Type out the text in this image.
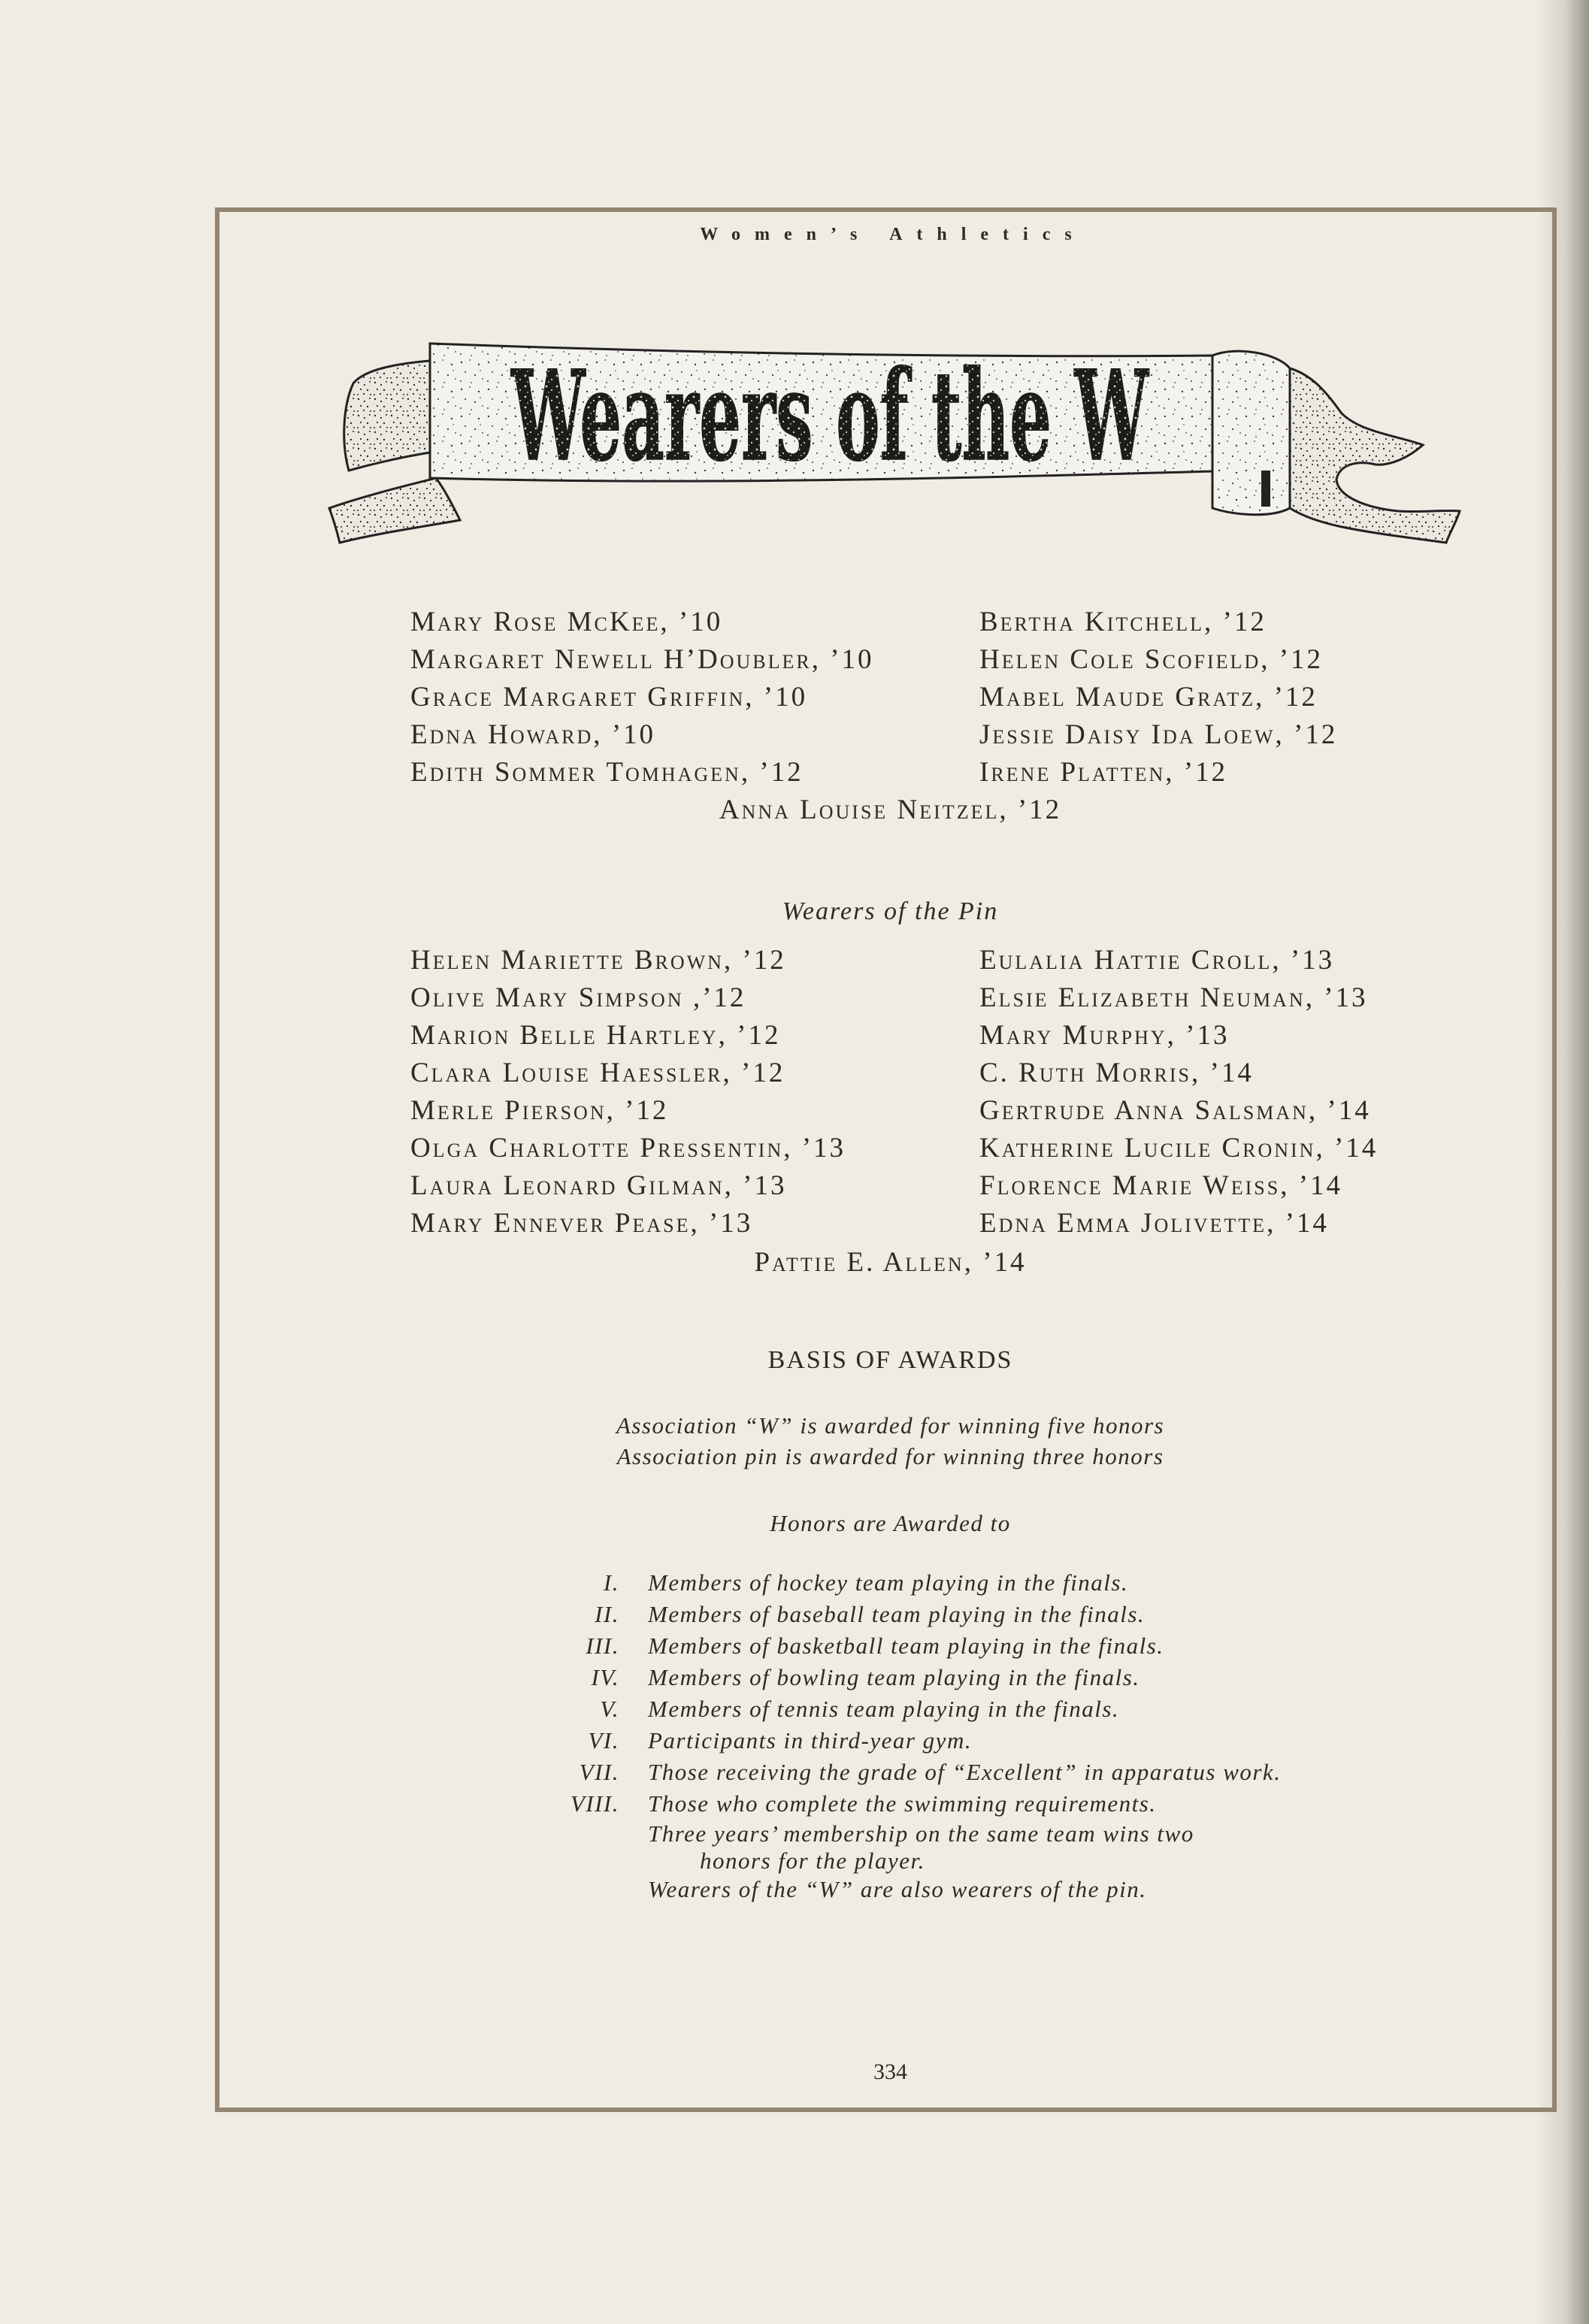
Women’s Athletics
Wearers of the W
Mary Rose McKee, ’10
Margaret Newell H’Doubler, ’10
Grace Margaret Griffin, ’10
Edna Howard, ’10
Edith Sommer Tomhagen, ’12
Bertha Kitchell, ’12
Helen Cole Scofield, ’12
Mabel Maude Gratz, ’12
Jessie Daisy Ida Loew, ’12
Irene Platten, ’12
Anna Louise Neitzel, ’12
Wearers of the Pin
Helen Mariette Brown, ’12
Olive Mary Simpson ,’12
Marion Belle Hartley, ’12
Clara Louise Haessler, ’12
Merle Pierson, ’12
Olga Charlotte Pressentin, ’13
Laura Leonard Gilman, ’13
Mary Ennever Pease, ’13
Eulalia Hattie Croll, ’13
Elsie Elizabeth Neuman, ’13
Mary Murphy, ’13
C. Ruth Morris, ’14
Gertrude Anna Salsman, ’14
Katherine Lucile Cronin, ’14
Florence Marie Weiss, ’14
Edna Emma Jolivette, ’14
Pattie E. Allen, ’14
BASIS OF AWARDS
Association “W” is awarded for winning five honors
Association pin is awarded for winning three honors
Honors are Awarded to
I. Members of hockey team playing in the finals.
II. Members of baseball team playing in the finals.
III. Members of basketball team playing in the finals.
IV. Members of bowling team playing in the finals.
V. Members of tennis team playing in the finals.
VI. Participants in third-year gym.
VII. Those receiving the grade of “Excellent” in apparatus work.
VIII. Those who complete the swimming requirements.
Three years’ membership on the same team wins two
honors for the player.
Wearers of the “W” are also wearers of the pin.
334
